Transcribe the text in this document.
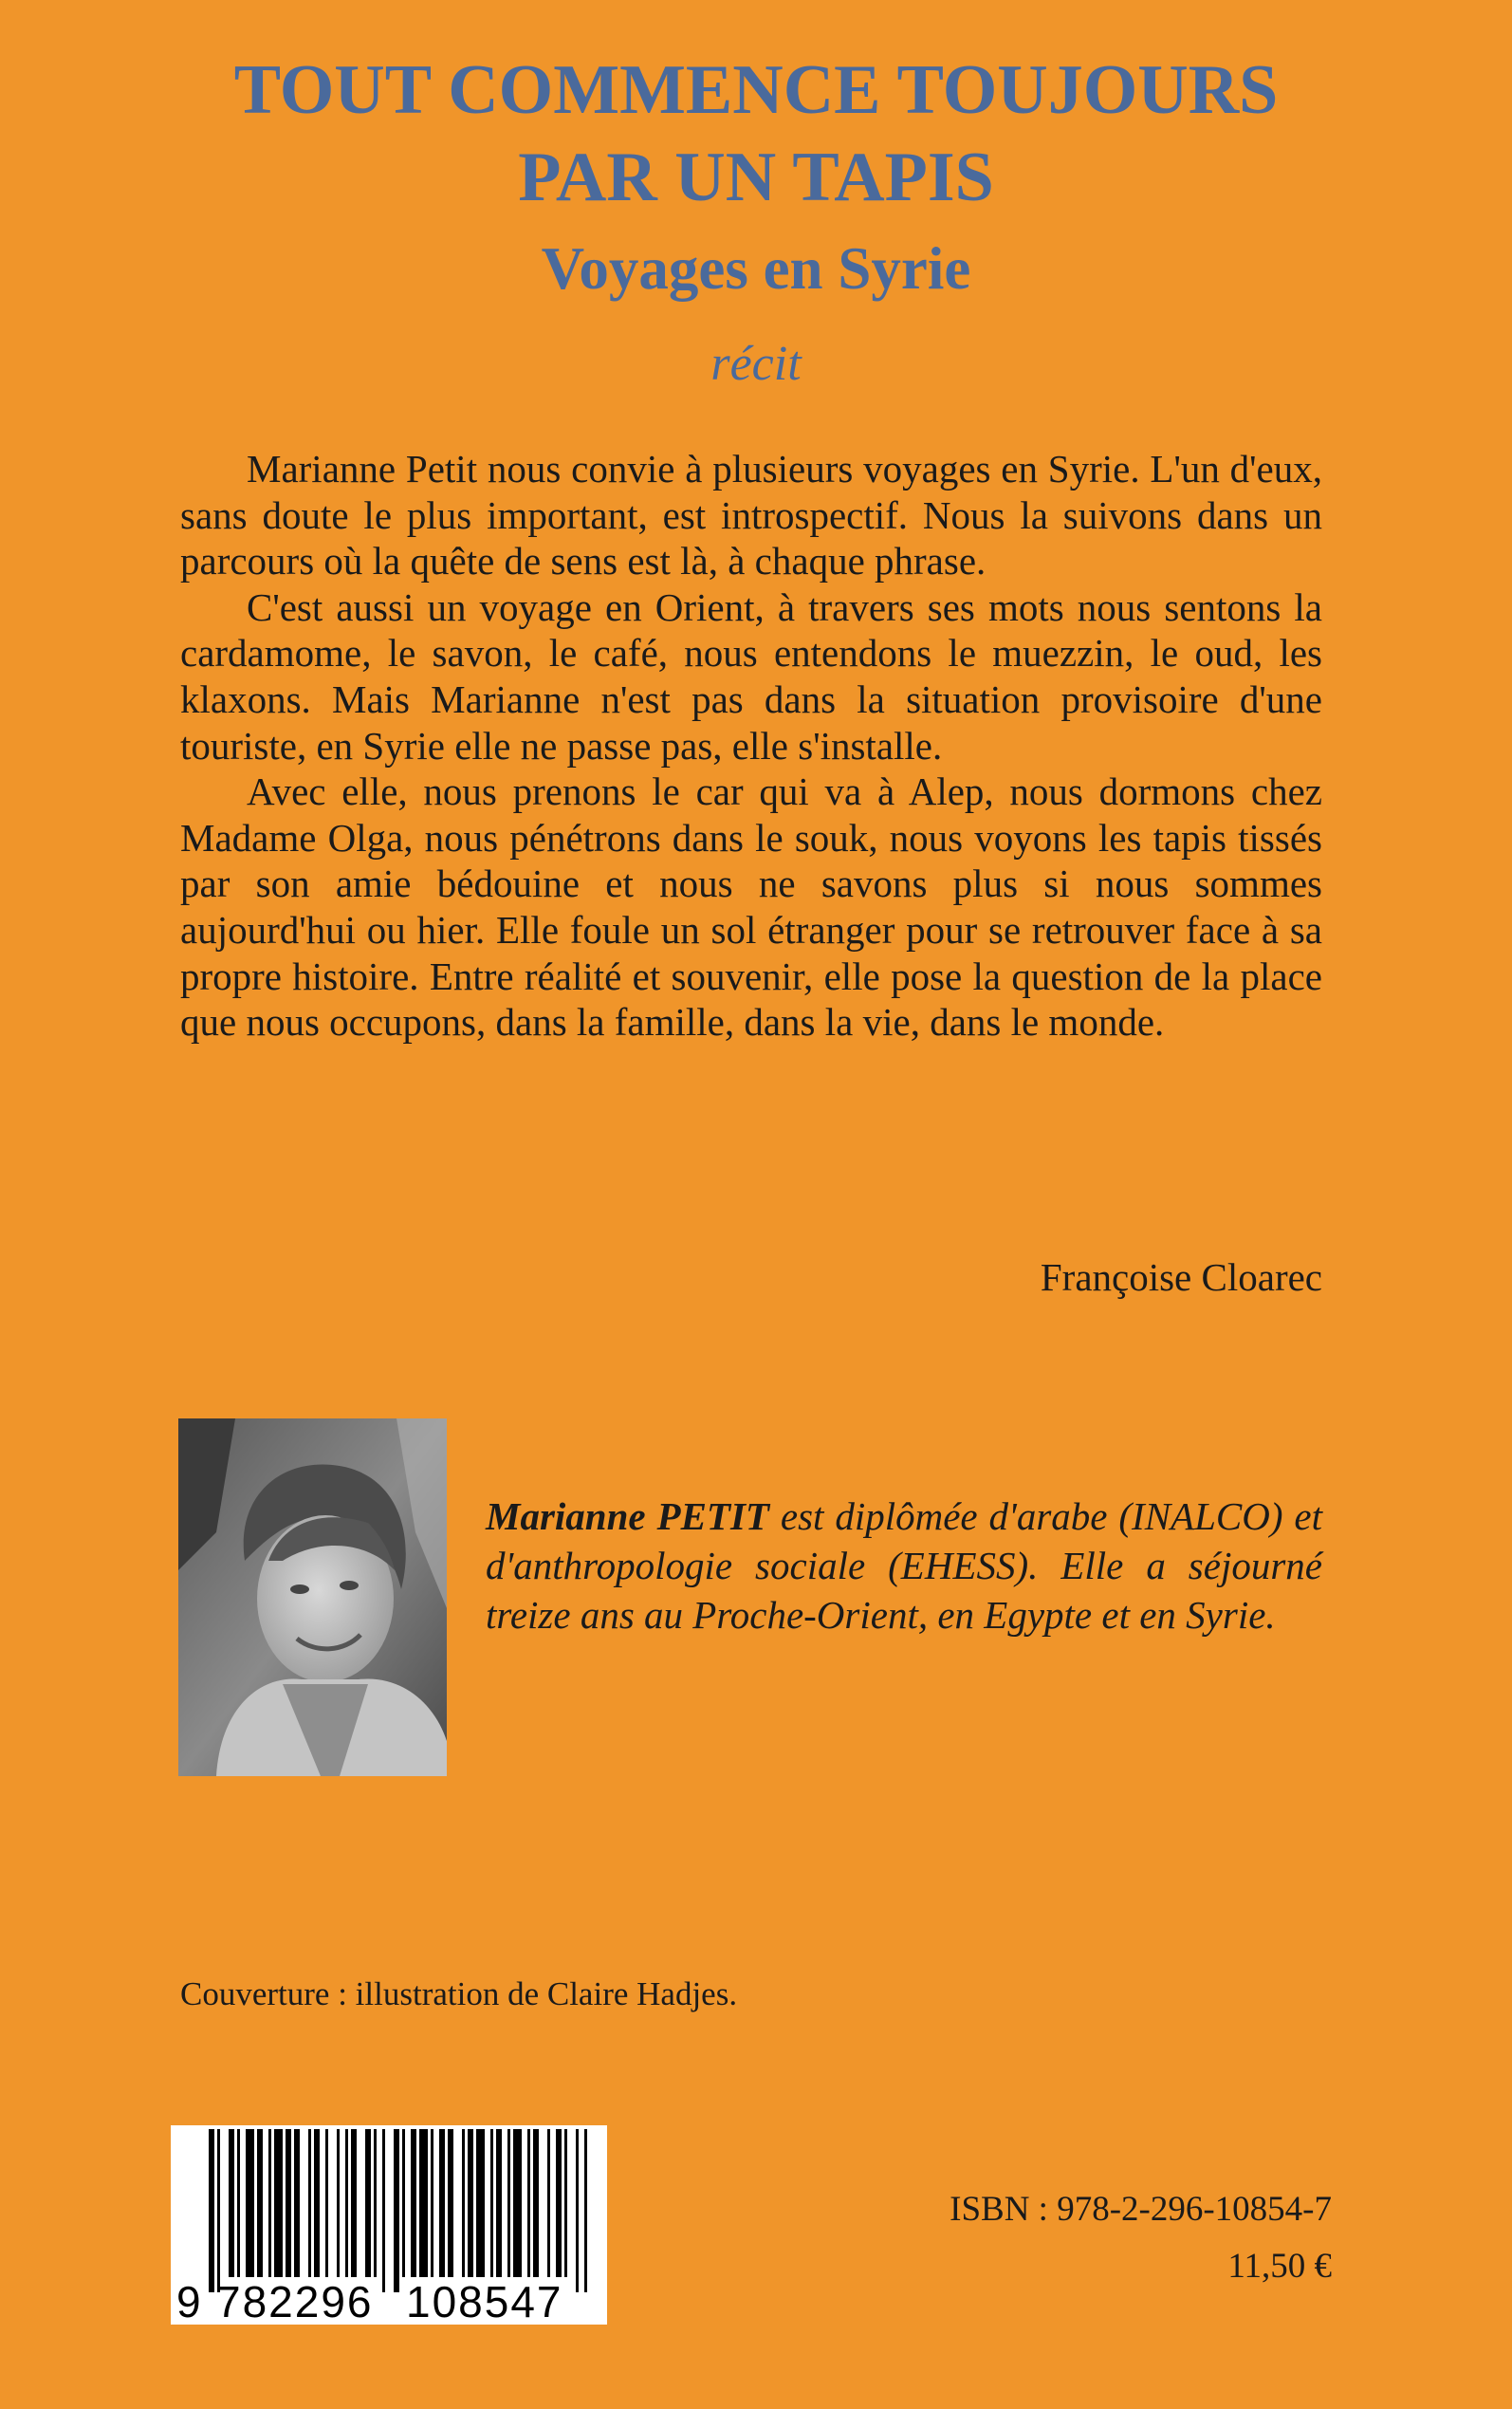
TOUT COMMENCE TOUJOURS
PAR UN TAPIS
Voyages en Syrie
récit

Marianne Petit nous convie à plusieurs voyages en Syrie. L'un d'eux, sans doute le plus important, est introspectif. Nous la suivons dans un parcours où la quête de sens est là, à chaque phrase.

C'est aussi un voyage en Orient, à travers ses mots nous sentons la cardamome, le savon, le café, nous entendons le muezzin, le oud, les klaxons. Mais Marianne n'est pas dans la situation provisoire d'une touriste, en Syrie elle ne passe pas, elle s'installe.

Avec elle, nous prenons le car qui va à Alep, nous dormons chez Madame Olga, nous pénétrons dans le souk, nous voyons les tapis tissés par son amie bédouine et nous ne savons plus si nous sommes aujourd'hui ou hier. Elle foule un sol étranger pour se retrouver face à sa propre histoire. Entre réalité et souvenir, elle pose la question de la place que nous occupons, dans la famille, dans la vie, dans le monde.

Françoise Cloarec
Marianne PETIT est diplômée d'arabe (INALCO) et d'anthropologie sociale (EHESS). Elle a séjourné treize ans au Proche-Orient, en Egypte et en Syrie.
Couverture : illustration de Claire Hadjes.
9 782296 108547
ISBN : 978-2-296-10854-7
11,50 €
